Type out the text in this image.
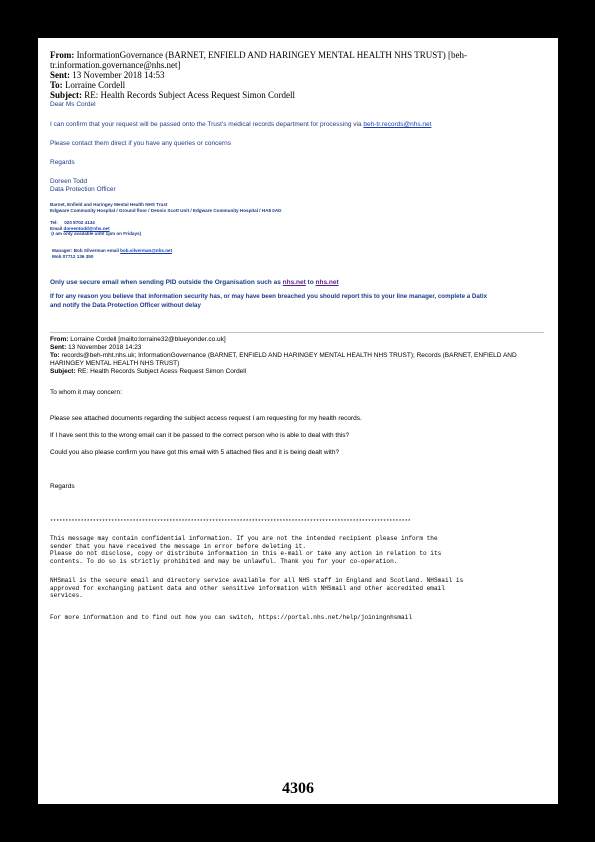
From: InformationGovernance (BARNET, ENFIELD AND HARINGEY MENTAL HEALTH NHS TRUST) [beh-
tr.information.governance@nhs.net]
Sent: 13 November 2018 14:53
To: Lorraine Cordell
Subject: RE: Health Records Subject Acess Request Simon Cordell
Dear Ms Cordel
I can confirm that your request will be passed onto the Trust's medical records department for processing via beh-tr.records@nhs.net
Please contact them direct if you have any queries or concerns
Regards
Doreen Todd
Data Protection Officer
Barnet, Enfield and Haringey Mental Health NHS Trust
Edgware Community Hospital / Ground floor / Dennis Scott Unit / Edgware Community Hospital / HA8 0AD
Tel:     020 8702 4134
Email doreentodd@nhs.net
(I am only available until 1pm on Fridays)
Manager: Bob Silverman email bob.silverman@nhs.net
Mob 07712 136 350
Only use secure email when sending PID outside the Organisation such as nhs.net to nhs.net
If for any reason you believe that information security has, or may have been breached you should report this to your line manager, complete a Datix
and notify the Data Protection Officer without delay
From: Lorraine Cordell [mailto:lorraine32@blueyonder.co.uk]
Sent: 13 November 2018 14:23
To: records@beh-mht.nhs.uk; InformationGovernance (BARNET, ENFIELD AND HARINGEY MENTAL HEALTH NHS TRUST); Records (BARNET, ENFIELD AND
HARINGEY MENTAL HEALTH NHS TRUST)
Subject: RE: Health Records Subject Acess Request Simon Cordell
To whom it may concern:
Please see attached documents regarding the subject access request I am requesting for my health records.
If I have sent this to the wrong email can it be passed to the correct person who is able to deal with this?
Could you also please confirm you have got this email with 5 attached files and it is being dealt with?
Regards
**********************************************************************************************************************
This message may contain confidential information. If you are not the intended recipient please inform the
sender that you have received the message in error before deleting it.
Please do not disclose, copy or distribute information in this e-mail or take any action in relation to its
contents. To do so is strictly prohibited and may be unlawful. Thank you for your co-operation.
NHSmail is the secure email and directory service available for all NHS staff in England and Scotland. NHSmail is
approved for exchanging patient data and other sensitive information with NHSmail and other accredited email
services.
For more information and to find out how you can switch, https://portal.nhs.net/help/joiningnhsmail
4306
